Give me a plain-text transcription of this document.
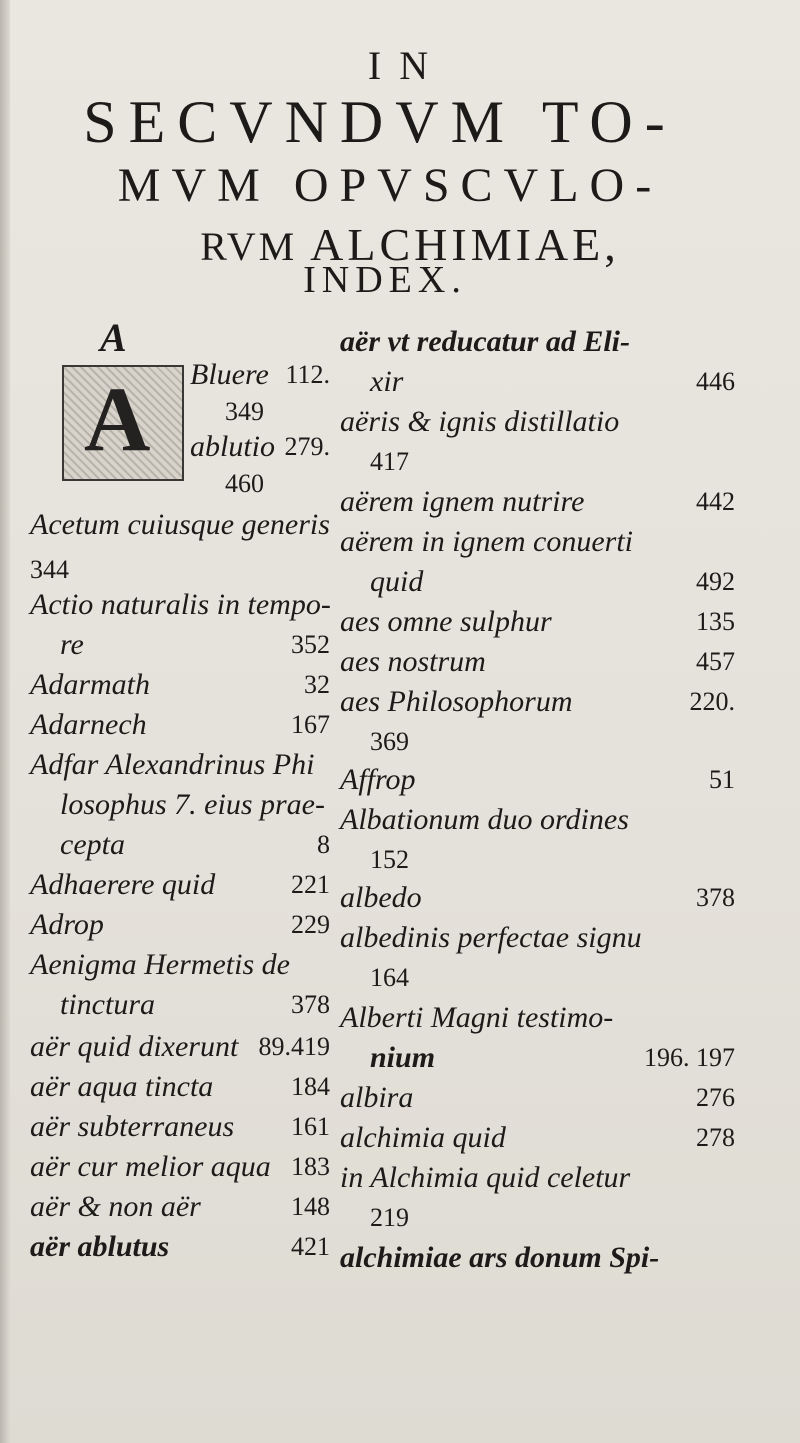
I N
SECVNDVM TO-
MVM OPVSCVLO-
RVM ALCHIMIAE,
INDEX.
A
A Bluere 112.
349
ablutio 279.
460
Acetum cuiusque generis
344
Actio naturalis in tempo-
re	352
Adarmath	32
Adarnech	167
Adfar Alexandrinus Phi
losophus 7. eius prae-
cepta	8
Adhaerere quid	221
Adrop	229
Aenigma Hermetis de
tinctura	378
aër quid dixerunt 89.419
aër aqua tincta	184
aër subterraneus 161
aër cur melior aqua 183
aër & non aër	148
aër ablutus	421
aër vt reducatur ad Eli-
xir	446
aëris & ignis distillatio
417
aërem ignem nutrire	442
aërem in ignem conuerti
quid	492
aes omne sulphur	135
aes nostrum	457
aes Philosophorum	220.
369
Affrop	51
Albationum duo ordines
152
albedo	378
albedinis perfectae signu
164
Alberti Magni testimo-
nium	196. 197
albira	276
alchimia quid	278
in Alchimia quid celetur
219
alchimiae ars donum Spi-
